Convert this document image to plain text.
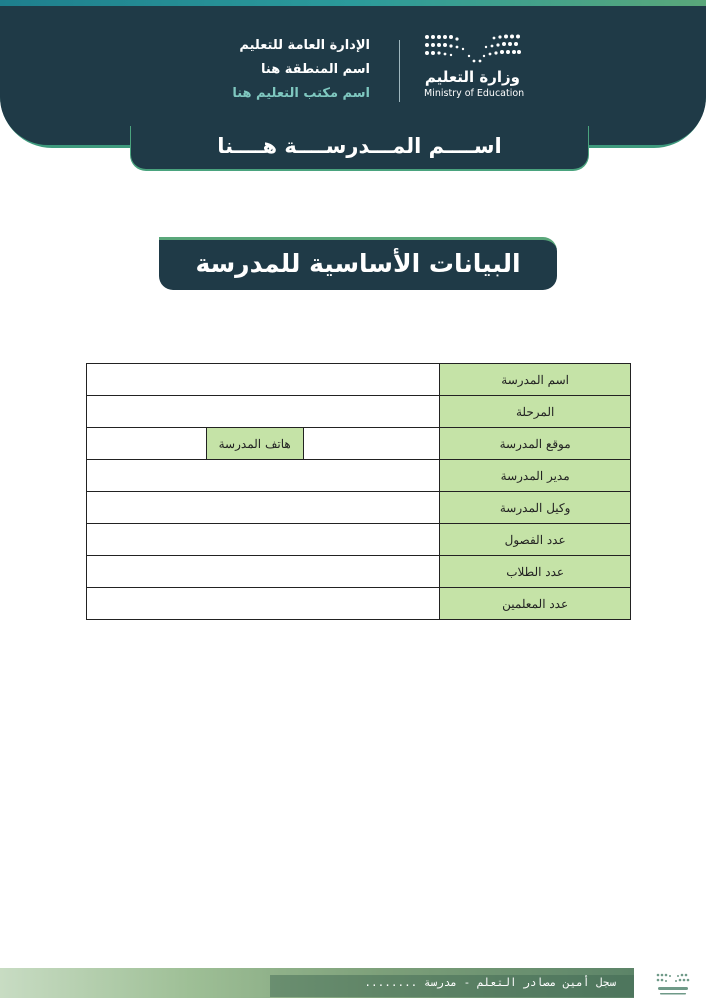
الإدارة العامة للتعليم
اسم المنطقة هنا
اسم مكتب التعليم هنا
وزارة التعليم
Ministry of Education
اســــم المـــدرســــة هــــنا
البيانات الأساسية للمدرسة
			اسم المدرسة
			المرحلة
	هاتف المدرسة		موقع المدرسة
			مدير المدرسة
			وكيل المدرسة
			عدد الفصول
			عدد الطلاب
			عدد المعلمين
سجل أمين مصادر التعلم - مدرسة ........
